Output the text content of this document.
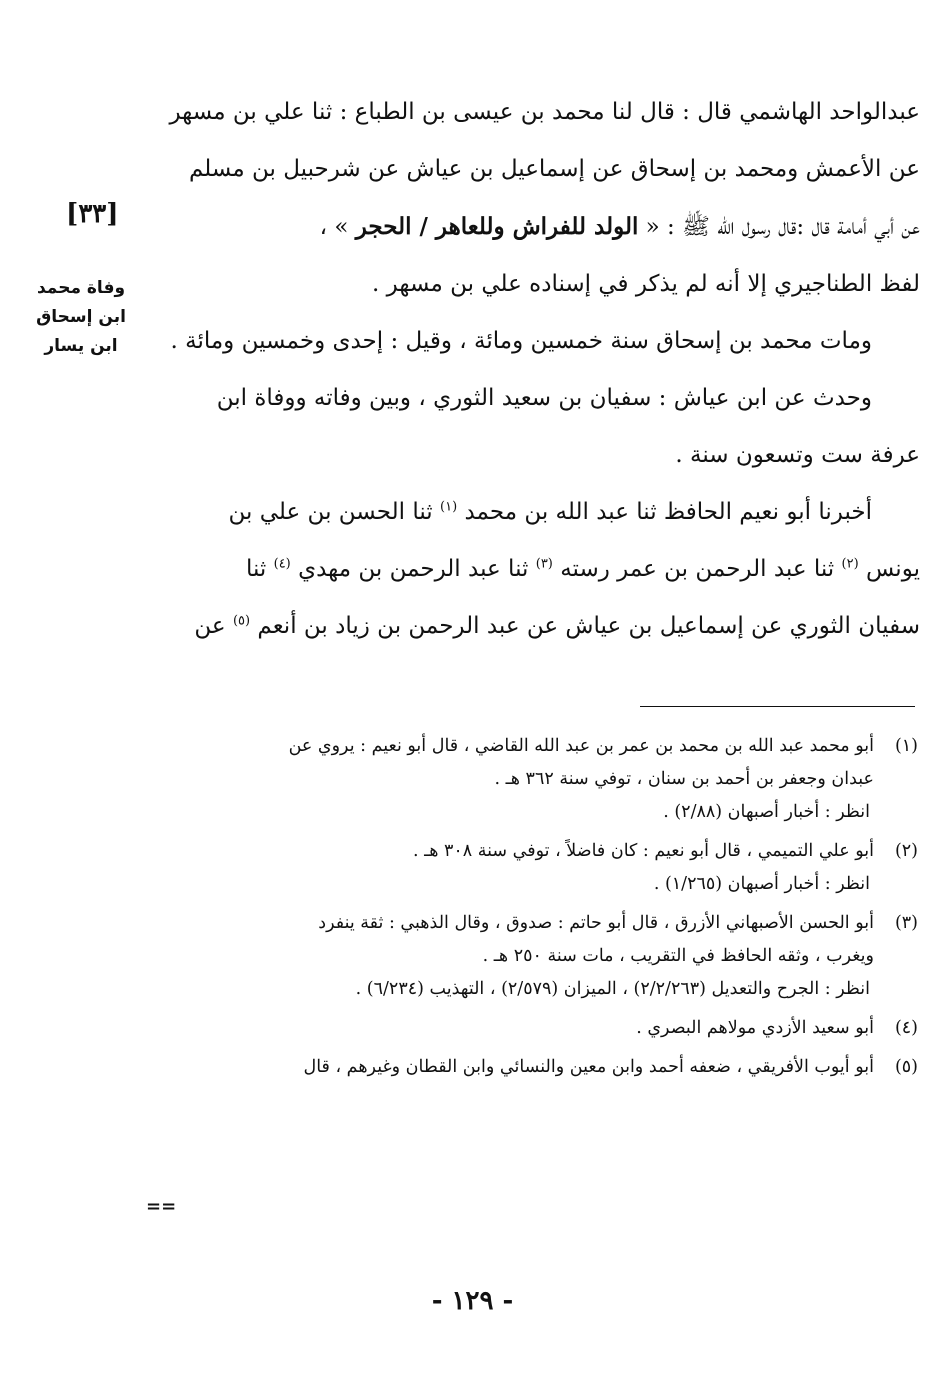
عبدالواحد الهاشمي قال : قال لنا محمد بن عيسى بن الطباع : ثنا علي بن مسهر
عن الأعمش ومحمد بن إسحاق عن إسماعيل بن عياش عن شرحبيل بن مسلم
عن أبي أمامة قال :قال رسول الله ﷺ : « الولد للفراش وللعاهر / الحجر » ،
لفظ الطناجيري إلا أنه لم يذكر في إسناده علي بن مسهر .
ومات محمد بن إسحاق سنة خمسين ومائة ، وقيل : إحدى وخمسين ومائة .
وحدث عن ابن عياش : سفيان بن سعيد الثوري ، وبين وفاته ووفاة ابن
عرفة ست وتسعون سنة .
أخبرنا أبو نعيم الحافظ ثنا عبد الله بن محمد $^{(١)}$ ثنا الحسن بن علي بن
يونس $^{(٢)}$ ثنا عبد الرحمن بن عمر رسته $^{(٣)}$ ثنا عبد الرحمن بن مهدي $^{(٤)}$ ثنا
سفيان الثوري عن إسماعيل بن عياش عن عبد الرحمن بن زياد بن أنعم $^{(٥)}$ عن
[٣٣]
وفاة محمد
ابن إسحاق
ابن يسار
(١)
أبو محمد عبد الله بن محمد بن عمر بن عبد الله القاضي ، قال أبو نعيم : يروي عن
عبدان وجعفر بن أحمد بن سنان ، توفي سنة ٣٦٢ هـ .
انظر : أخبار أصبهان (٢/٨٨) .
(٢)
أبو علي التميمي ، قال أبو نعيم : كان فاضلاً ، توفي سنة ٣٠٨ هـ .
انظر : أخبار أصبهان (١/٢٦٥) .
(٣)
أبو الحسن الأصبهاني الأزرق ، قال أبو حاتم : صدوق ، وقال الذهبي : ثقة ينفرد
ويغرب ، وثقه الحافظ في التقريب ، مات سنة ٢٥٠ هـ .
انظر : الجرح والتعديل (٢/٢/٢٦٣) ، الميزان (٢/٥٧٩) ، التهذيب (٦/٢٣٤) .
(٤)
أبو سعيد الأزدي مولاهم البصري .
(٥)
أبو أيوب الأفريقي ، ضعفه أحمد وابن معين والنسائي وابن القطان وغيرهم ، قال
==
- ١٢٩ -
